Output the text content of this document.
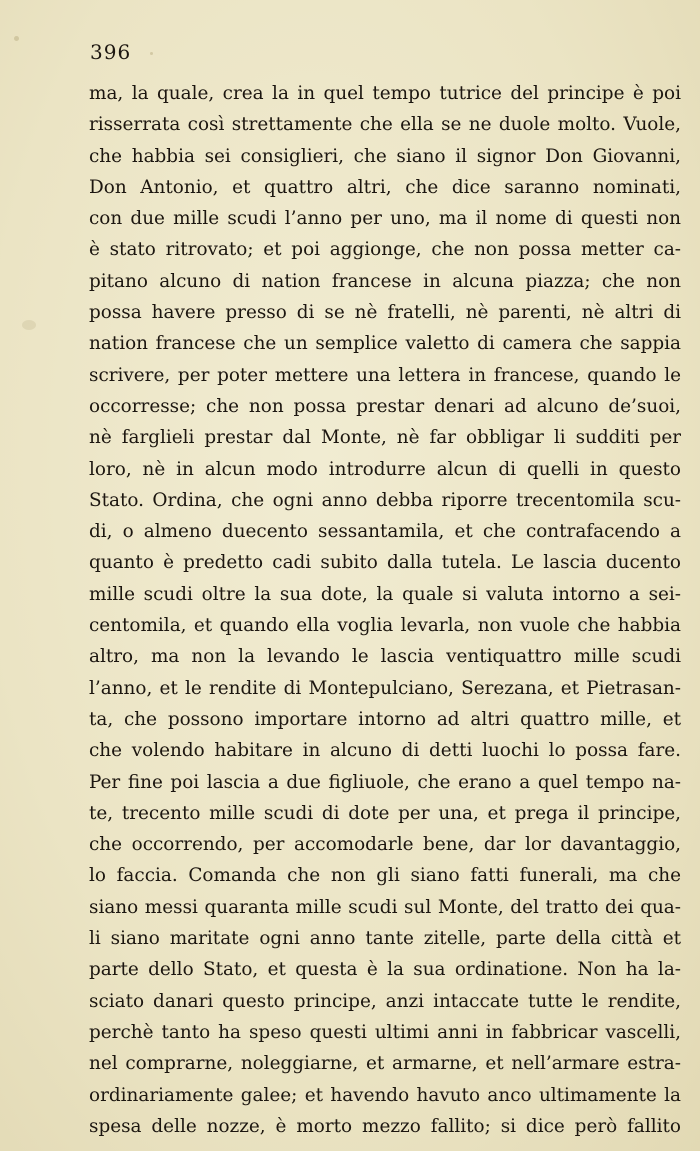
396
ma, la quale, crea la in quel tempo tutrice del principe è poi
risserrata così strettamente che ella se ne duole molto. Vuole,
che habbia sei consiglieri, che siano il signor Don Giovanni,
Don Antonio, et quattro altri, che dice saranno nominati,
con due mille scudi l’anno per uno, ma il nome di questi non
è stato ritrovato; et poi aggionge, che non possa metter ca-
pitano alcuno di nation francese in alcuna piazza; che non
possa havere presso di se nè fratelli, nè parenti, nè altri di
nation francese che un semplice valetto di camera che sappia
scrivere, per poter mettere una lettera in francese, quando le
occorresse; che non possa prestar denari ad alcuno de’suoi,
nè farglieli prestar dal Monte, nè far obbligar li sudditi per
loro, nè in alcun modo introdurre alcun di quelli in questo
Stato. Ordina, che ogni anno debba riporre trecentomila scu-
di, o almeno duecento sessantamila, et che contrafacendo a
quanto è predetto cadi subito dalla tutela. Le lascia ducento
mille scudi oltre la sua dote, la quale si valuta intorno a sei-
centomila, et quando ella voglia levarla, non vuole che habbia
altro, ma non la levando le lascia ventiquattro mille scudi
l’anno, et le rendite di Montepulciano, Serezana, et Pietrasan-
ta, che possono importare intorno ad altri quattro mille, et
che volendo habitare in alcuno di detti luochi lo possa fare.
Per fine poi lascia a due figliuole, che erano a quel tempo na-
te, trecento mille scudi di dote per una, et prega il principe,
che occorrendo, per accomodarle bene, dar lor davantaggio,
lo faccia. Comanda che non gli siano fatti funerali, ma che
siano messi quaranta mille scudi sul Monte, del tratto dei qua-
li siano maritate ogni anno tante zitelle, parte della città et
parte dello Stato, et questa è la sua ordinatione. Non ha la-
sciato danari questo principe, anzi intaccate tutte le rendite,
perchè tanto ha speso questi ultimi anni in fabbricar vascelli,
nel comprarne, noleggiarne, et armarne, et nell’armare estra-
ordinariamente galee; et havendo havuto anco ultimamente la
spesa delle nozze, è morto mezzo fallito; si dice però fallito
